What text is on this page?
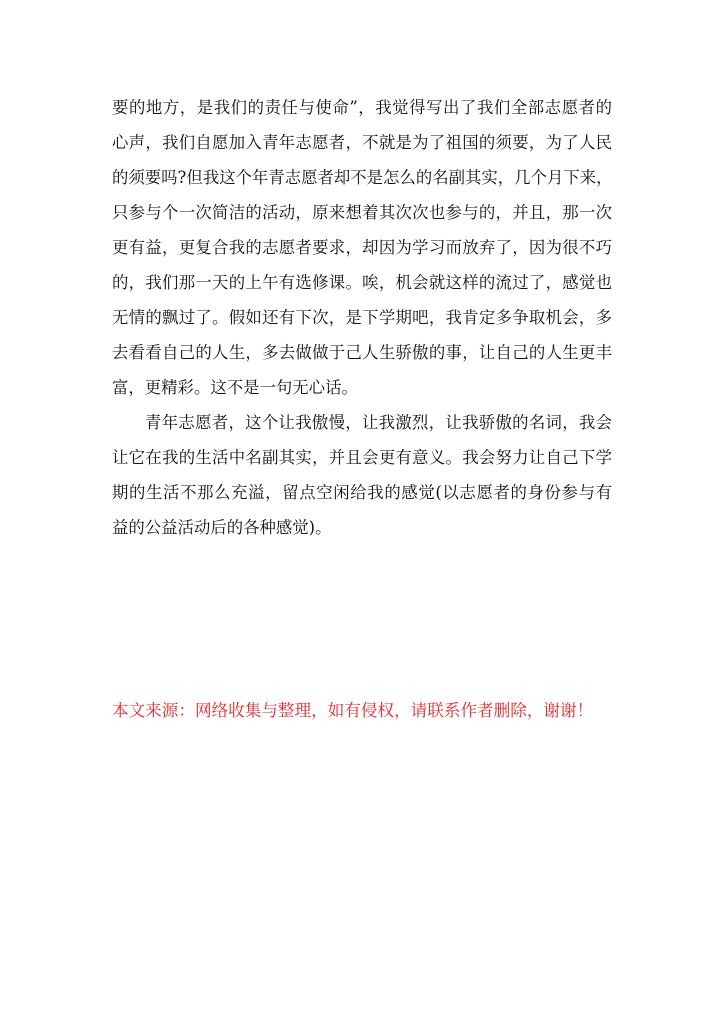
要的地方，是我们的责任与使命”，我觉得写出了我们全部志愿者的
心声，我们自愿加入青年志愿者，不就是为了祖国的须要，为了人民
的须要吗?但我这个年青志愿者却不是怎么的名副其实，几个月下来，
只参与个一次简洁的活动，原来想着其次次也参与的，并且，那一次
更有益，更复合我的志愿者要求，却因为学习而放弃了，因为很不巧
的，我们那一天的上午有选修课。唉，机会就这样的流过了，感觉也
无情的飘过了。假如还有下次，是下学期吧，我肯定多争取机会，多
去看看自己的人生，多去做做于己人生骄傲的事，让自己的人生更丰
富，更精彩。这不是一句无心话。
青年志愿者，这个让我傲慢，让我激烈，让我骄傲的名词，我会
让它在我的生活中名副其实，并且会更有意义。我会努力让自己下学
期的生活不那么充溢，留点空闲给我的感觉(以志愿者的身份参与有
益的公益活动后的各种感觉)。
本文来源：网络收集与整理，如有侵权，请联系作者删除，谢谢！
